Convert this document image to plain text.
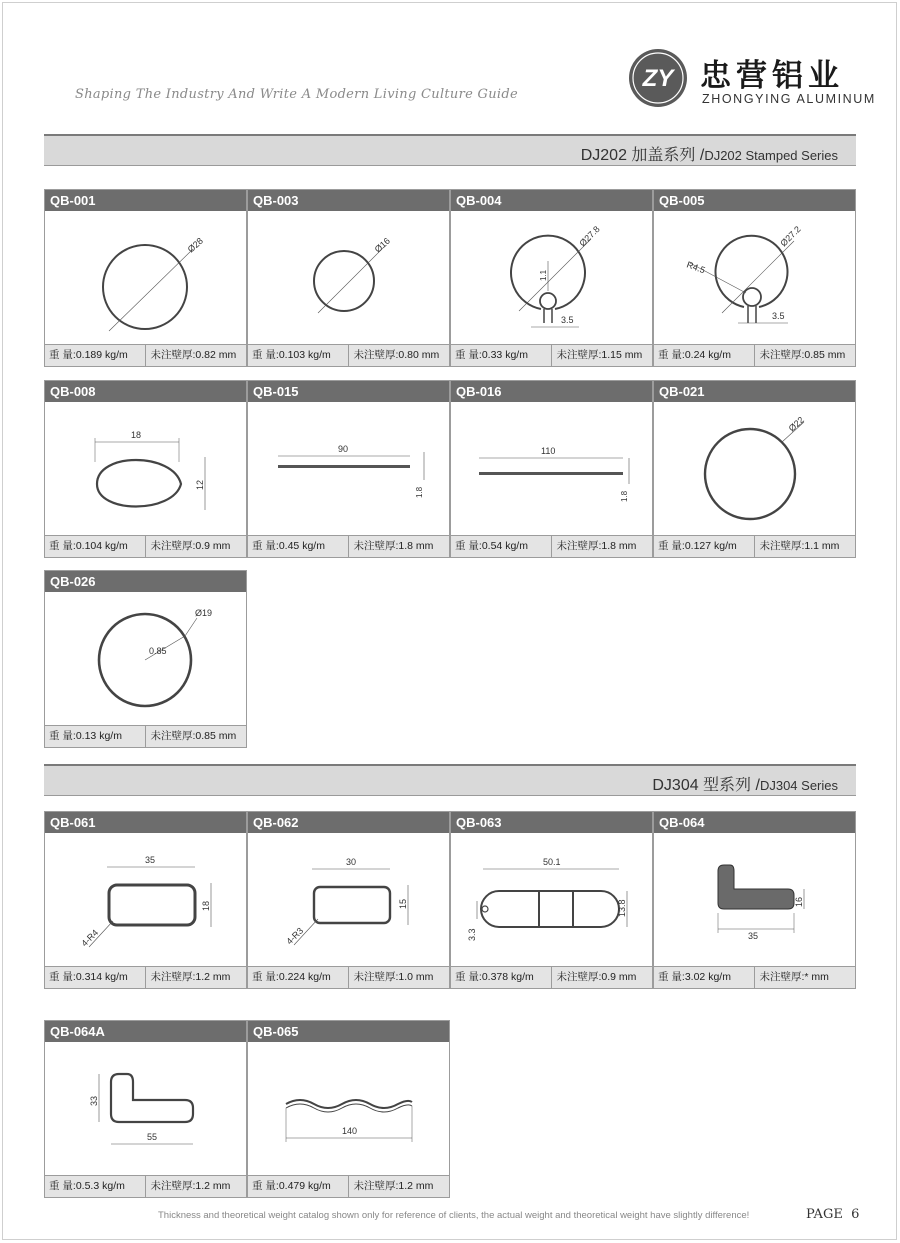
Shaping The Industry And Write A Modern Living Culture Guide
ZY 忠营铝业
ZHONGYING ALUMINUM
DJ202 加盖系列 /DJ202 Stamped Series
DJ304 型系列 /DJ304 Series
QB-001
Ø28
重 量:0.189 kg/m	未注壁厚:0.82 mm
QB-003
Ø16
重 量:0.103 kg/m	未注壁厚:0.80 mm
QB-004
Ø27.8
1.1
3.5
重 量:0.33 kg/m	未注壁厚:1.15 mm
QB-005
Ø27.2
R4.5
3.5
重 量:0.24 kg/m	未注壁厚:0.85 mm
QB-008
18
12
重 量:0.104 kg/m	未注壁厚:0.9 mm
QB-015
90
1.8
重 量:0.45 kg/m	未注壁厚:1.8 mm
QB-016
110
1.8
重 量:0.54 kg/m	未注壁厚:1.8 mm
QB-021
Ø22
重 量:0.127 kg/m	未注壁厚:1.1 mm
QB-026
Ø19
0.85
重 量:0.13 kg/m	未注壁厚:0.85 mm
QB-061
35
18
4-R4
重 量:0.314 kg/m	未注壁厚:1.2 mm
QB-062
30
15
4-R3
重 量:0.224 kg/m	未注壁厚:1.0 mm
QB-063
50.1
13.8
3.3
重 量:0.378 kg/m	未注壁厚:0.9 mm
QB-064
16
35
重 量:3.02 kg/m	未注壁厚:* mm
QB-064A
33
55
重 量:0.5.3 kg/m	未注壁厚:1.2 mm
QB-065
140
重 量:0.479 kg/m	未注壁厚:1.2 mm
Thickness and theoretical weight catalog shown only for reference of clients, the actual weight and theoretical weight have slightly difference!	PAGE 6
